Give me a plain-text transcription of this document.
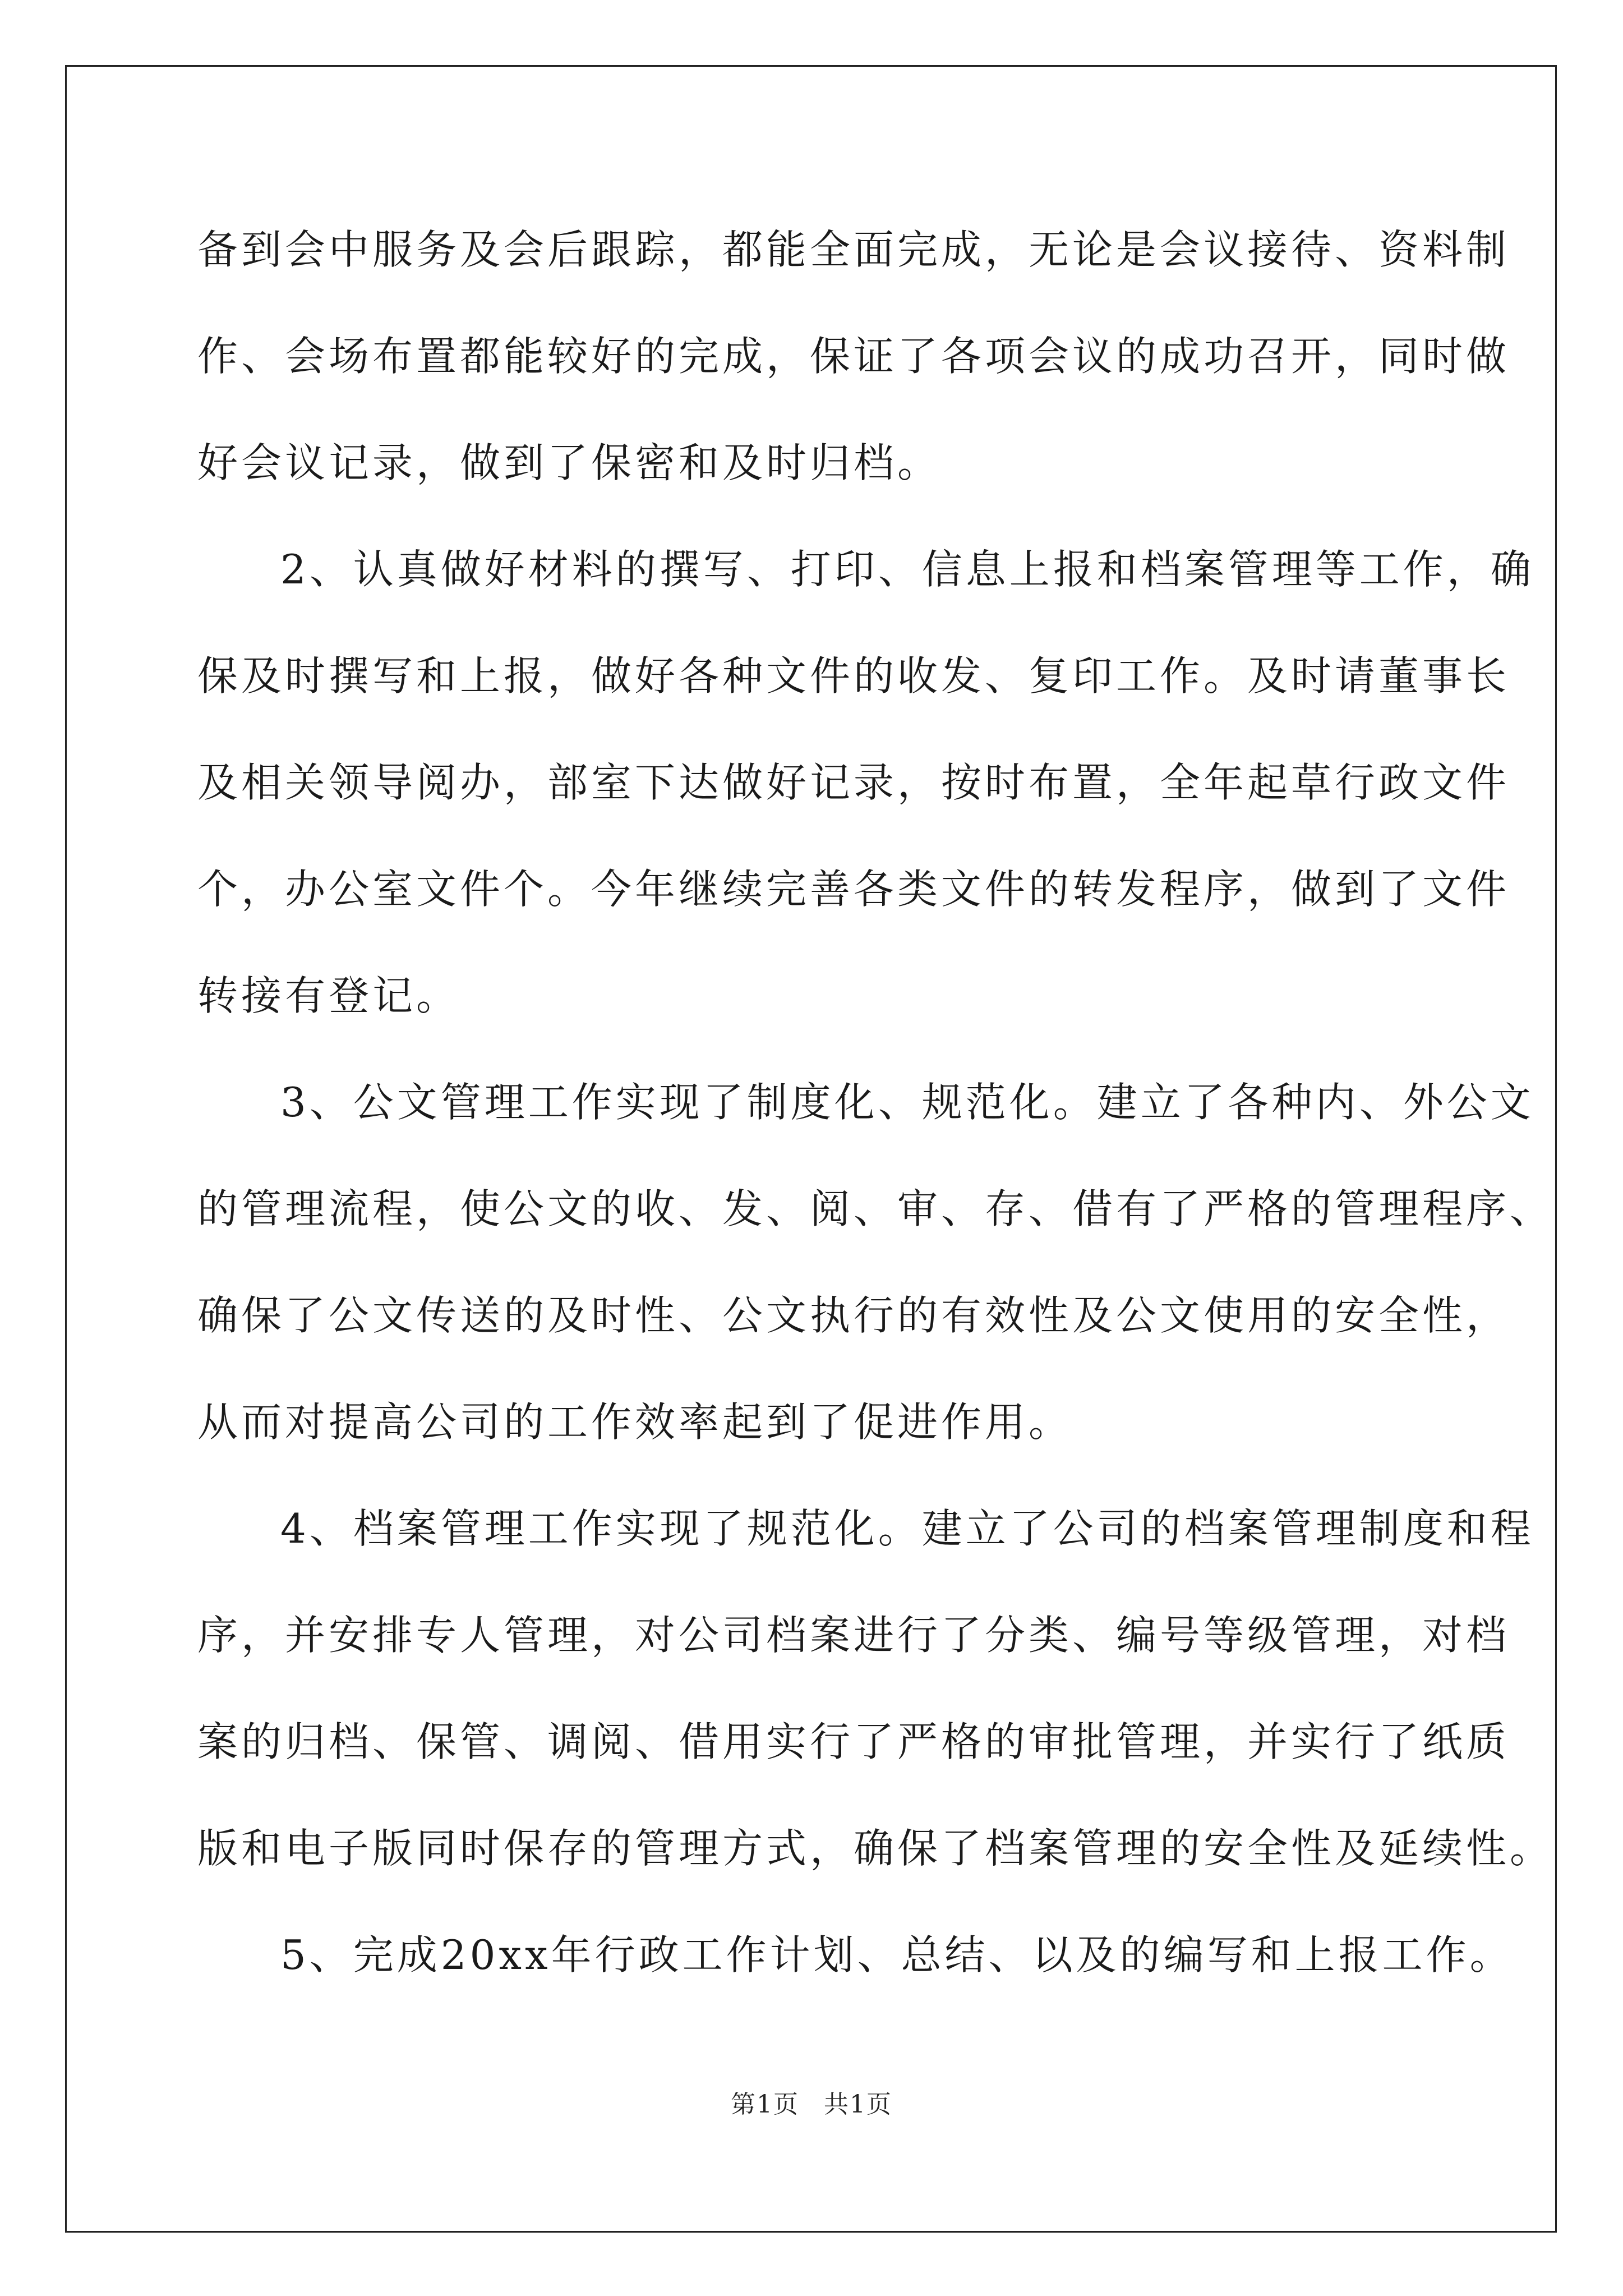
备到会中服务及会后跟踪，都能全面完成，无论是会议接待、资料制
作、会场布置都能较好的完成，保证了各项会议的成功召开，同时做
好会议记录，做到了保密和及时归档。
2、认真做好材料的撰写、打印、信息上报和档案管理等工作，确
保及时撰写和上报，做好各种文件的收发、复印工作。及时请董事长
及相关领导阅办，部室下达做好记录，按时布置，全年起草行政文件
个，办公室文件个。今年继续完善各类文件的转发程序，做到了文件
转接有登记。
3、公文管理工作实现了制度化、规范化。建立了各种内、外公文
的管理流程，使公文的收、发、阅、审、存、借有了严格的管理程序、
确保了公文传送的及时性、公文执行的有效性及公文使用的安全性，
从而对提高公司的工作效率起到了促进作用。
4、档案管理工作实现了规范化。建立了公司的档案管理制度和程
序，并安排专人管理，对公司档案进行了分类、编号等级管理，对档
案的归档、保管、调阅、借用实行了严格的审批管理，并实行了纸质
版和电子版同时保存的管理方式，确保了档案管理的安全性及延续性。
5、完成20xx年行政工作计划、总结、以及的编写和上报工作。
第1页 共1页
